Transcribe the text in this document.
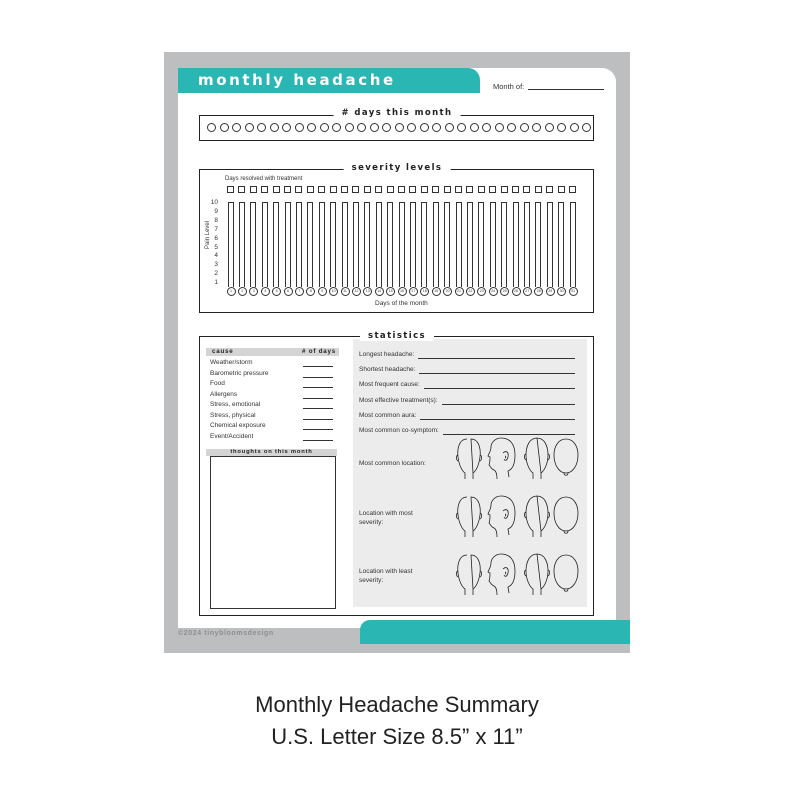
monthly headache summary
Month of:
# days this month
Days resolved with treatment
Pain Level
Days of the month
10
9
8
7
6
5
4
3
2
1
1	2	3	4	5	6	7	8	9	10	11	12	13	14	15	16	17	18	19	20	21	22	23	24	25	26	27	28	29	30	31
severity levels
cause	# of days
Weather/storm
Barometric pressure
Food
Allergens
Stress, emotional
Stress, physical
Chemical exposure
Event/Accident
thoughts on this month
Longest headache:
Shortest headache:
Most frequent cause:
Most effective treatment(s):
Most common aura:
Most common co-symptom:
Most common location:
Location with most severity:
Location with least severity:
statistics
©2024 tinybloomsdesign
Monthly Headache Summary
U.S. Letter Size 8.5” x 11”
